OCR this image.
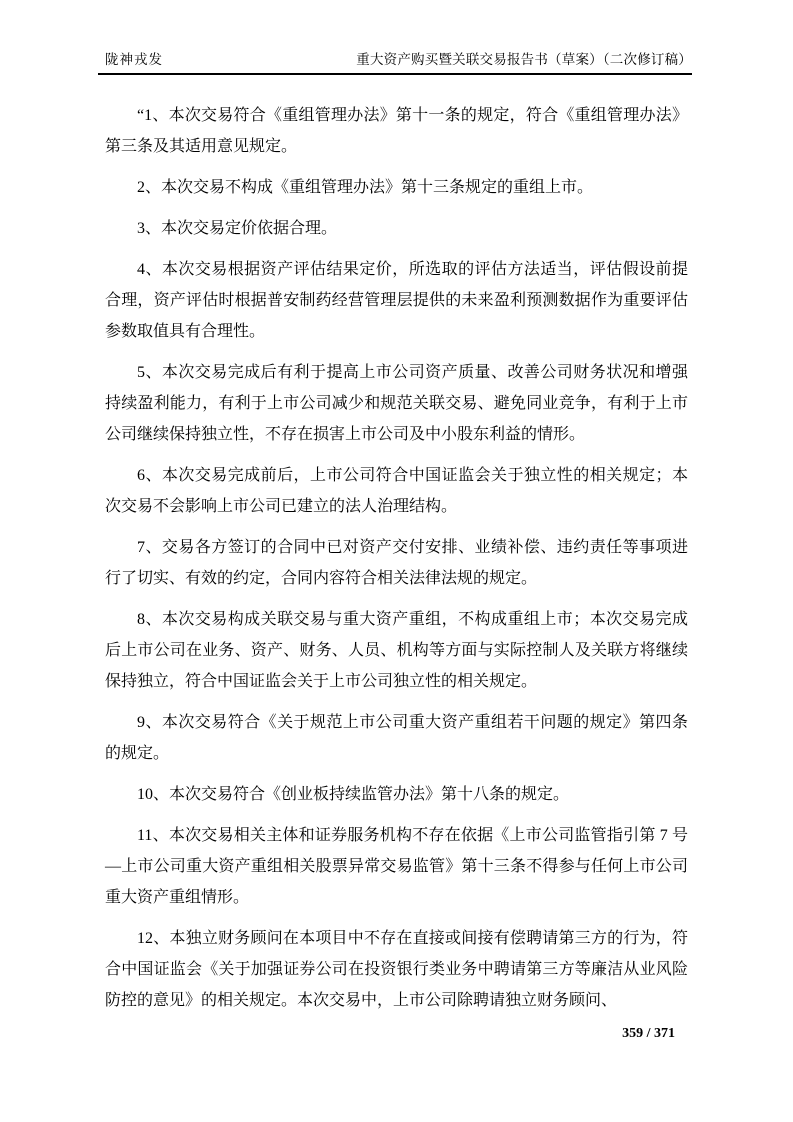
陇神戎发	重大资产购买暨关联交易报告书（草案）（二次修订稿）

“1、本次交易符合《重组管理办法》第十一条的规定，符合《重组管理办法》第三条及其适用意见规定。

2、本次交易不构成《重组管理办法》第十三条规定的重组上市。

3、本次交易定价依据合理。

4、本次交易根据资产评估结果定价，所选取的评估方法适当，评估假设前提合理，资产评估时根据普安制药经营管理层提供的未来盈利预测数据作为重要评估参数取值具有合理性。

5、本次交易完成后有利于提高上市公司资产质量、改善公司财务状况和增强持续盈利能力，有利于上市公司减少和规范关联交易、避免同业竞争，有利于上市公司继续保持独立性，不存在损害上市公司及中小股东利益的情形。

6、本次交易完成前后，上市公司符合中国证监会关于独立性的相关规定；本次交易不会影响上市公司已建立的法人治理结构。

7、交易各方签订的合同中已对资产交付安排、业绩补偿、违约责任等事项进行了切实、有效的约定，合同内容符合相关法律法规的规定。

8、本次交易构成关联交易与重大资产重组，不构成重组上市；本次交易完成后上市公司在业务、资产、财务、人员、机构等方面与实际控制人及关联方将继续保持独立，符合中国证监会关于上市公司独立性的相关规定。

9、本次交易符合《关于规范上市公司重大资产重组若干问题的规定》第四条的规定。

10、本次交易符合《创业板持续监管办法》第十八条的规定。

11、本次交易相关主体和证券服务机构不存在依据《上市公司监管指引第 7 号—上市公司重大资产重组相关股票异常交易监管》第十三条不得参与任何上市公司重大资产重组情形。

12、本独立财务顾问在本项目中不存在直接或间接有偿聘请第三方的行为，符合中国证监会《关于加强证券公司在投资银行类业务中聘请第三方等廉洁从业风险防控的意见》的相关规定。本次交易中，上市公司除聘请独立财务顾问、

359 / 371
